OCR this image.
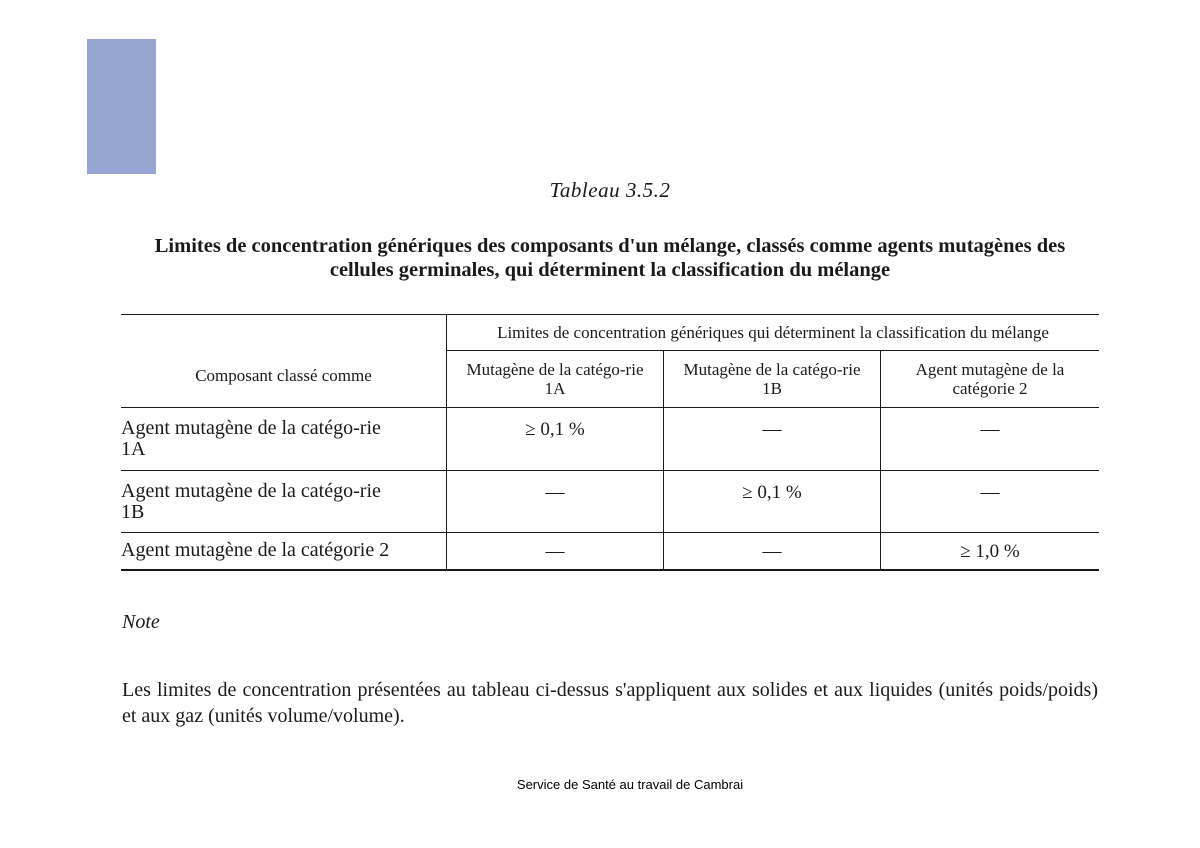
Tableau 3.5.2
Limites de concentration génériques des composants d'un mélange, classés comme agents mutagènes des cellules germinales, qui déterminent la classification du mélange
Composant classé comme	Limites de concentration génériques qui déterminent la classification du mélange		
	Mutagène de la catégo-rie 1A	Mutagène de la catégo-rie 1B	Agent mutagène de la catégorie 2
Agent mutagène de la catégo-rie 1A	≥ 0,1 %	—	—
Agent mutagène de la catégo-rie 1B	—	≥ 0,1 %	—
Agent mutagène de la catégorie 2	—	—	≥ 1,0 %
Note
Les limites de concentration présentées au tableau ci-dessus s'appliquent aux solides et aux liquides (unités poids/poids) et aux gaz (unités volume/volume).
Service de Santé au travail de Cambrai
